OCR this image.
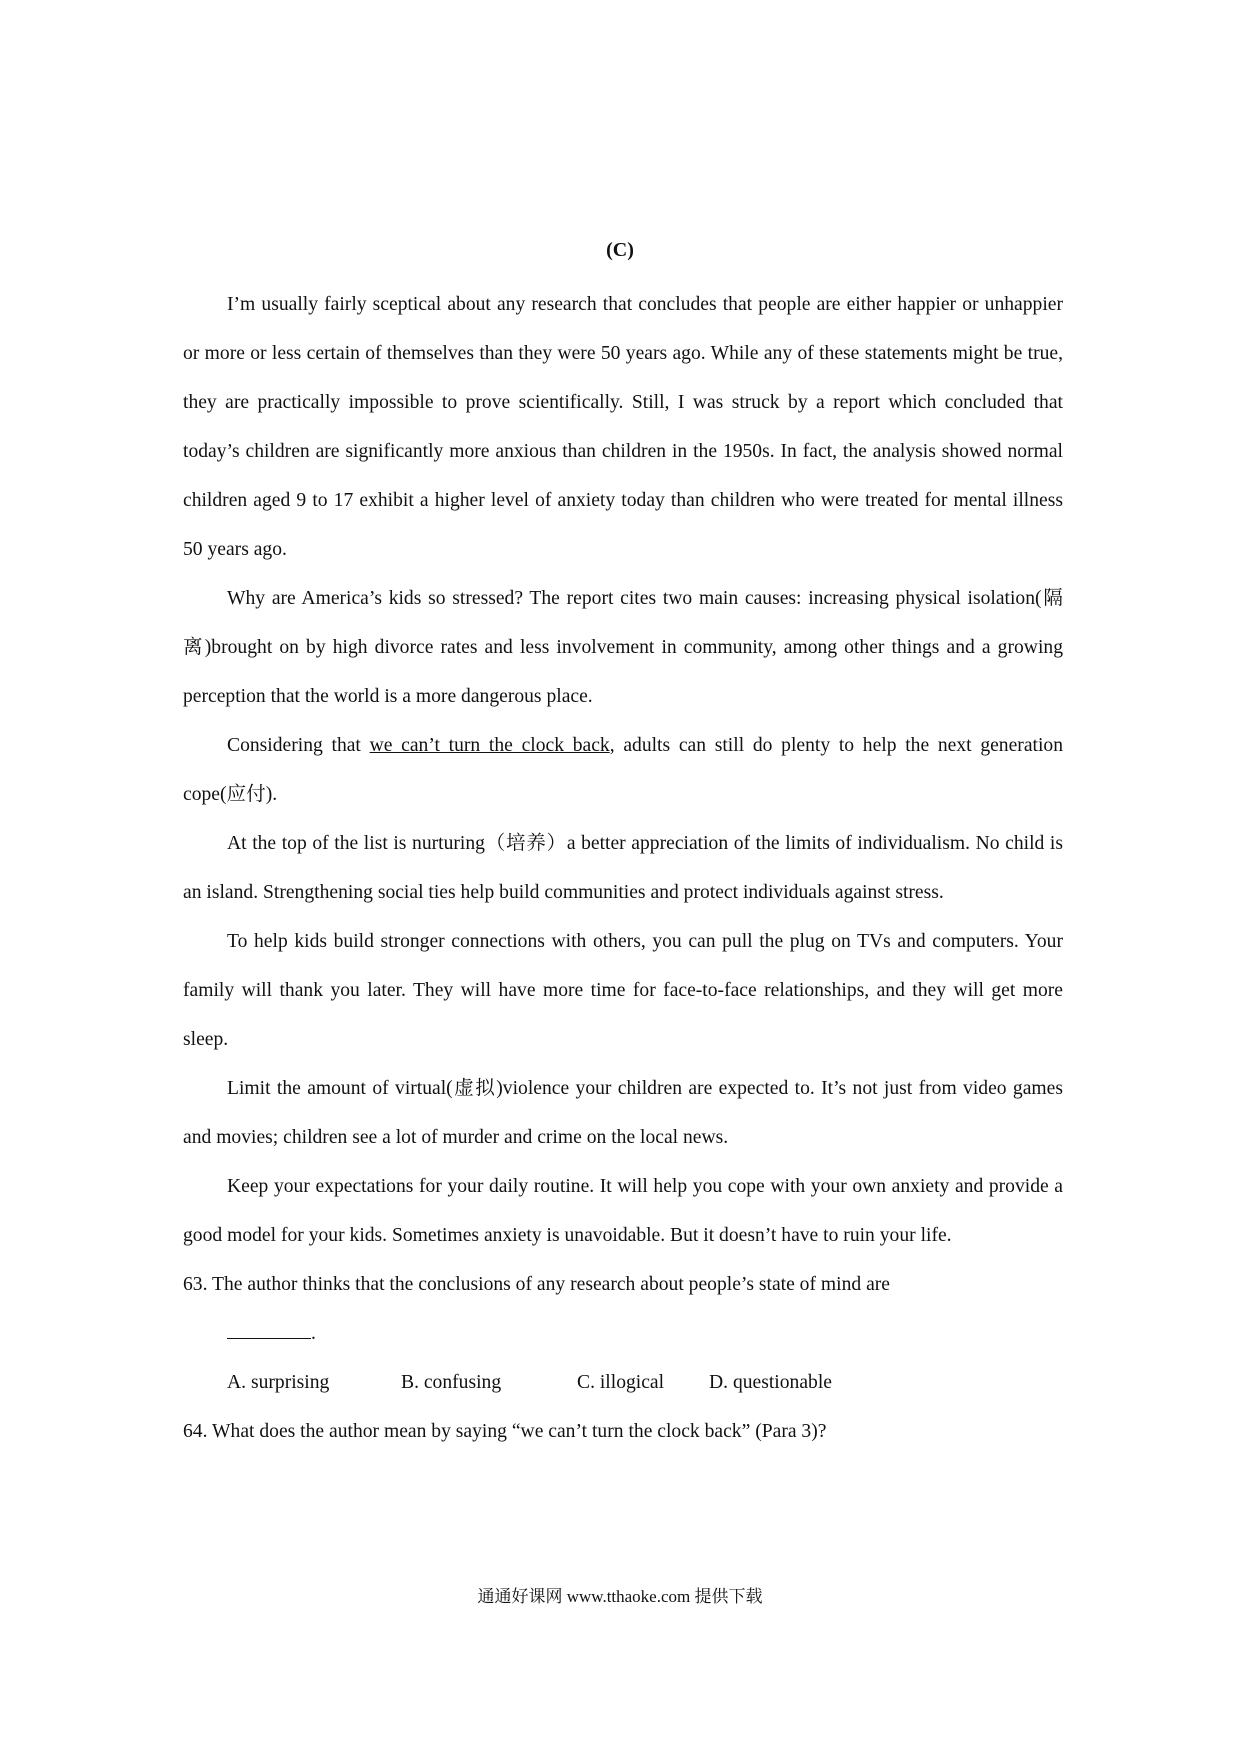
(C)

I’m usually fairly sceptical about any research that concludes that people are either happier or unhappier or more or less certain of themselves than they were 50 years ago. While any of these statements might be true, they are practically impossible to prove scientifically. Still, I was struck by a report which concluded that today’s children are significantly more anxious than children in the 1950s. In fact, the analysis showed normal children aged 9 to 17 exhibit a higher level of anxiety today than children who were treated for mental illness 50 years ago.

Why are America’s kids so stressed? The report cites two main causes: increasing physical isolation(隔离)brought on by high divorce rates and less involvement in community, among other things and a growing perception that the world is a more dangerous place.

Considering that we can’t turn the clock back, adults can still do plenty to help the next generation cope(应付).

At the top of the list is nurturing（培养）a better appreciation of the limits of individualism. No child is an island. Strengthening social ties help build communities and protect individuals against stress.

To help kids build stronger connections with others, you can pull the plug on TVs and computers. Your family will thank you later. They will have more time for face-to-face relationships, and they will get more sleep.

Limit the amount of virtual(虚拟)violence your children are expected to. It’s not just from video games and movies; children see a lot of murder and crime on the local news.

Keep your expectations for your daily routine. It will help you cope with your own anxiety and provide a good model for your kids. Sometimes anxiety is unavoidable. But it doesn’t have to ruin your life.

63. The author thinks that the conclusions of any research about people’s state of mind are

.

A. surprising	B. confusing	C. illogical D. questionable

64. What does the author mean by saying “we can’t turn the clock back” (Para 3)?

通通好课网 www.tthaoke.com 提供下载
